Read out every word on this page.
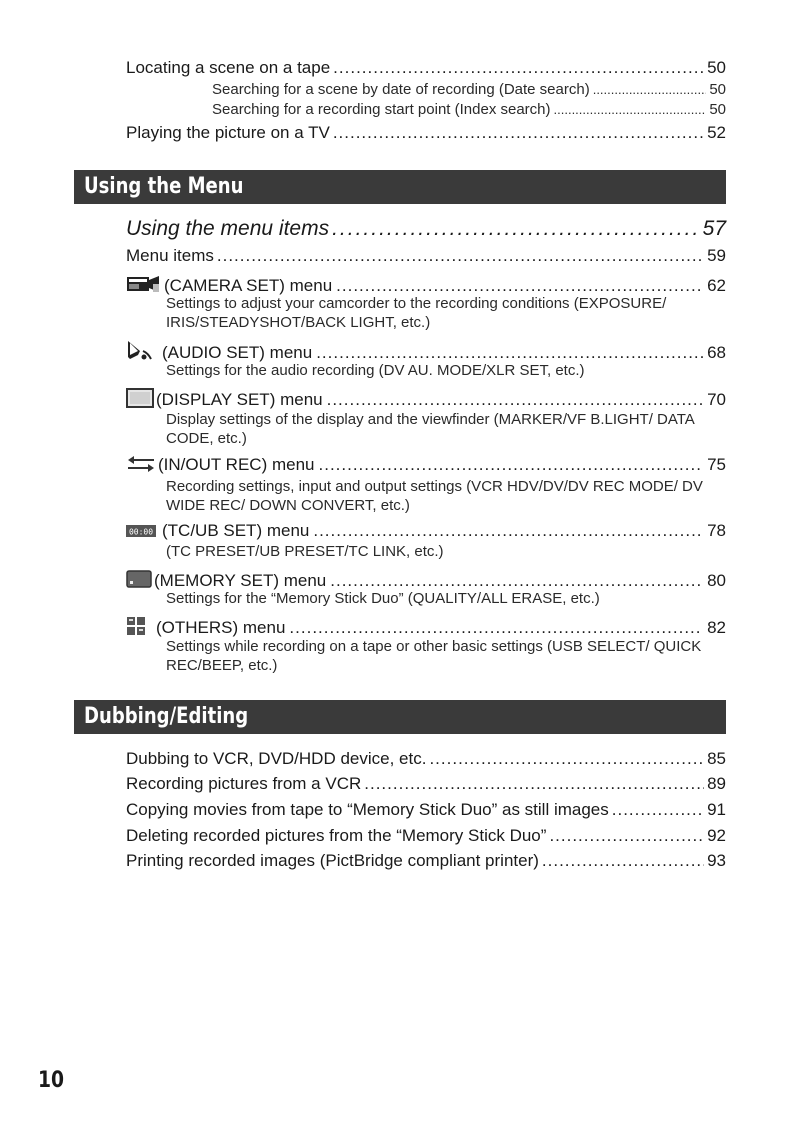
Locating a scene on a tape .....	50
Searching for a scene by date of recording (Date search) .....	50
Searching for a recording start point (Index search) .....	50
Playing the picture on a TV .....	52
Using the Menu
Using the menu items .....	57
Menu items .....	59
(CAMERA SET) menu .....	62
Settings to adjust your camcorder to the recording conditions (EXPOSURE/ IRIS/STEADYSHOT/BACK LIGHT, etc.)
(AUDIO SET) menu .....	68
Settings for the audio recording (DV AU. MODE/XLR SET, etc.)
(DISPLAY SET) menu .....	70
Display settings of the display and the viewfinder (MARKER/VF B.LIGHT/ DATA CODE, etc.)
(IN/OUT REC) menu .....	75
Recording settings, input and output settings (VCR HDV/DV/DV REC MODE/ DV WIDE REC/ DOWN CONVERT, etc.)
00:00 (TC/UB SET) menu .....	78
(TC PRESET/UB PRESET/TC LINK, etc.)
(MEMORY SET) menu .....	80
Settings for the “Memory Stick Duo” (QUALITY/ALL ERASE, etc.)
(OTHERS) menu .....	82
Settings while recording on a tape or other basic settings (USB SELECT/ QUICK REC/BEEP, etc.)
Dubbing/Editing
Dubbing to VCR, DVD/HDD device, etc. .....	85
Recording pictures from a VCR .....	89
Copying movies from tape to “Memory Stick Duo” as still images .....	91
Deleting recorded pictures from the “Memory Stick Duo” .....	92
Printing recorded images (PictBridge compliant printer) .....	93
10
